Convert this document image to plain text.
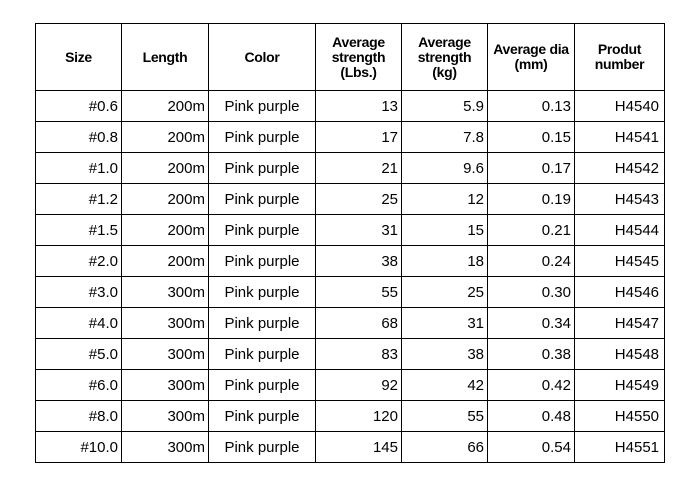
Size	Length	Color	Average strength (Lbs.)	Average strength (kg)	Average dia (mm)	Produt number
#0.6	200m	Pink purple	13	5.9	0.13	H4540
#0.8	200m	Pink purple	17	7.8	0.15	H4541
#1.0	200m	Pink purple	21	9.6	0.17	H4542
#1.2	200m	Pink purple	25	12	0.19	H4543
#1.5	200m	Pink purple	31	15	0.21	H4544
#2.0	200m	Pink purple	38	18	0.24	H4545
#3.0	300m	Pink purple	55	25	0.30	H4546
#4.0	300m	Pink purple	68	31	0.34	H4547
#5.0	300m	Pink purple	83	38	0.38	H4548
#6.0	300m	Pink purple	92	42	0.42	H4549
#8.0	300m	Pink purple	120	55	0.48	H4550
#10.0	300m	Pink purple	145	66	0.54	H4551
